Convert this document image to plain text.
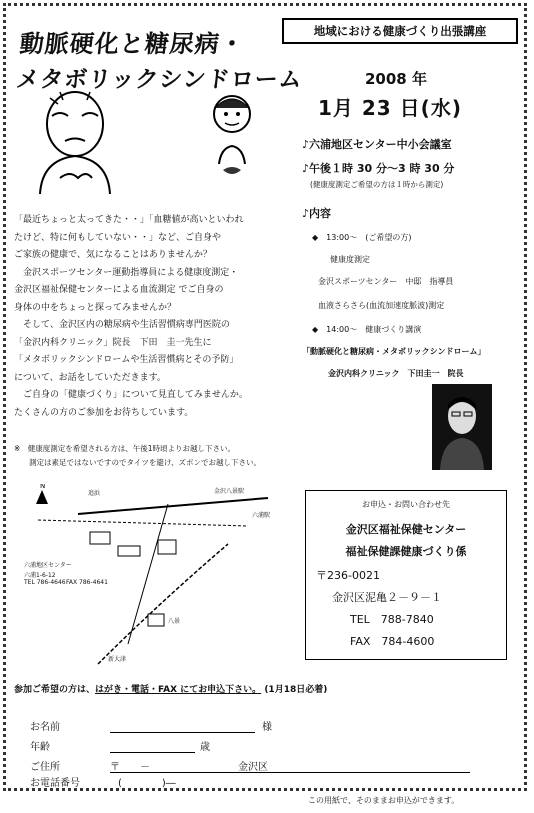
動脈硬化と糖尿病・
メタボリックシンドローム
地域における健康づくり出張講座
2008 年
1月 23 日(水)
♪六浦地区センター中小会議室
♪午後１時 30 分～3 時 30 分
(健康度測定ご希望の方は１時から測定)
♪内容
◆　13:00～　(ご希望の方)
健康度測定
金沢スポーツセンター　中邸　指導員
血液さらさら(血流加速度脈波)測定
◆　14:00～　健康づくり講演
「動脈硬化と糖尿病・メタボリックシンドローム」
金沢内科クリニック　下田圭一　院長

「最近ちょっと太ってきた・・」「血糖値が高いといわれ

たけど、特に何もしていない・・」など、ご自身や

ご家族の健康で、気になることはありませんか？

　金沢スポーツセンター運動指導員による健康度測定・

金沢区福祉保健センターによる血流測定 でご自身の

身体の中をちょっと探ってみませんか？

　そして、金沢区内の糖尿病や生活習慣病専門医院の

「金沢内科クリニック」院長　下田　圭一先生に

「メタボリックシンドロームや生活習慣病とその予防」

について、お話をしていただきます。

　ご自身の「健康づくり」について見直してみませんか。

たくさんの方のご参加をお待ちしています。

※　健康度測定を希望される方は、午後1時頃よりお越し下さい。
　　測定は素足ではないですのでタイツを避け、ズボンでお越し下さい。
N
六浦地区センター
六浦1-6-12
TEL 786-4646 FAX 786-4641
金沢八景駅
追浜
六浦駅
新大津
八景
お申込・お問い合わせ先
金沢区福祉保健センター
福祉保健課健康づくり係
〒236-0021
金沢区泥亀２－９－１
TEL　788-7840
FAX　784-4600
参加ご希望の方は、はがき・電話・FAX にてお申込下さい。 (1月18日必着)
お名前	様
年齢	歳
ご住所	〒　　－	金沢区
お電話番号	(　　　　)―
この用紙で、そのままお申込ができます。
